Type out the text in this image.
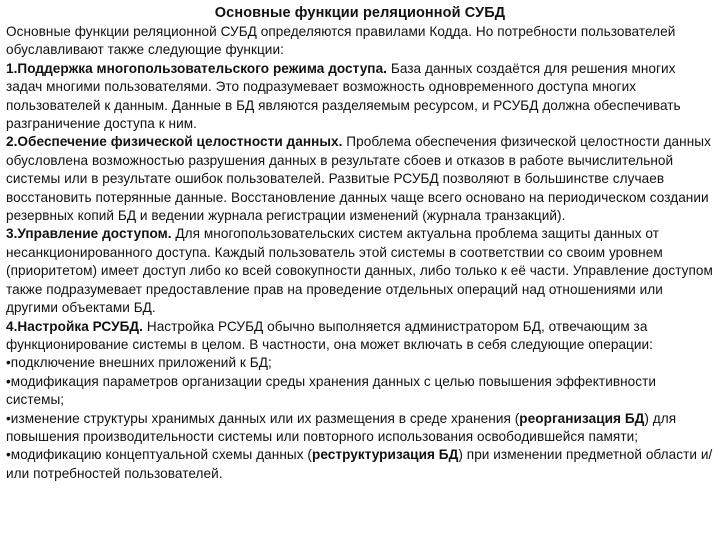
Основные функции реляционной СУБД

Основные функции реляционной СУБД определяются правилами Кодда. Но потребности пользователей обуславливают также следующие функции:

1.Поддержка многопользовательского режима доступа. База данных создаётся для решения многих задач многими пользователями. Это подразумевает возможность одновременного доступа многих пользователей к данным. Данные в БД являются разделяемым ресурсом, и РСУБД должна обеспечивать разграничение доступа к ним.

2.Обеспечение физической целостности данных. Проблема обеспечения физической целостности данных обусловлена возможностью разрушения данных в результате сбоев и отказов в работе вычислительной системы или в результате ошибок пользователей. Развитые РСУБД позволяют в большинстве случаев восстановить потерянные данные. Восстановление данных чаще всего основано на периодическом создании резервных копий БД и ведении журнала регистрации изменений (журнала транзакций).

3.Управление доступом. Для многопользовательских систем актуальна проблема защиты данных от несанкционированного доступа. Каждый пользователь этой системы в соответствии со своим уровнем (приоритетом) имеет доступ либо ко всей совокупности данных, либо только к её части. Управление доступом также подразумевает предоставление прав на проведение отдельных операций над отношениями или другими объектами БД.

4.Настройка РСУБД. Настройка РСУБД обычно выполняется администратором БД, отвечающим за функционирование системы в целом. В частности, она может включать в себя следующие операции:

•подключение внешних приложений к БД;

•модификация параметров организации среды хранения данных с целью повышения эффективности системы;

•изменение структуры хранимых данных или их размещения в среде хранения (реорганизация БД) для повышения производительности системы или повторного использования освободившейся памяти;

•модификацию концептуальной схемы данных (реструктуризация БД) при изменении предметной области и/или потребностей пользователей.
